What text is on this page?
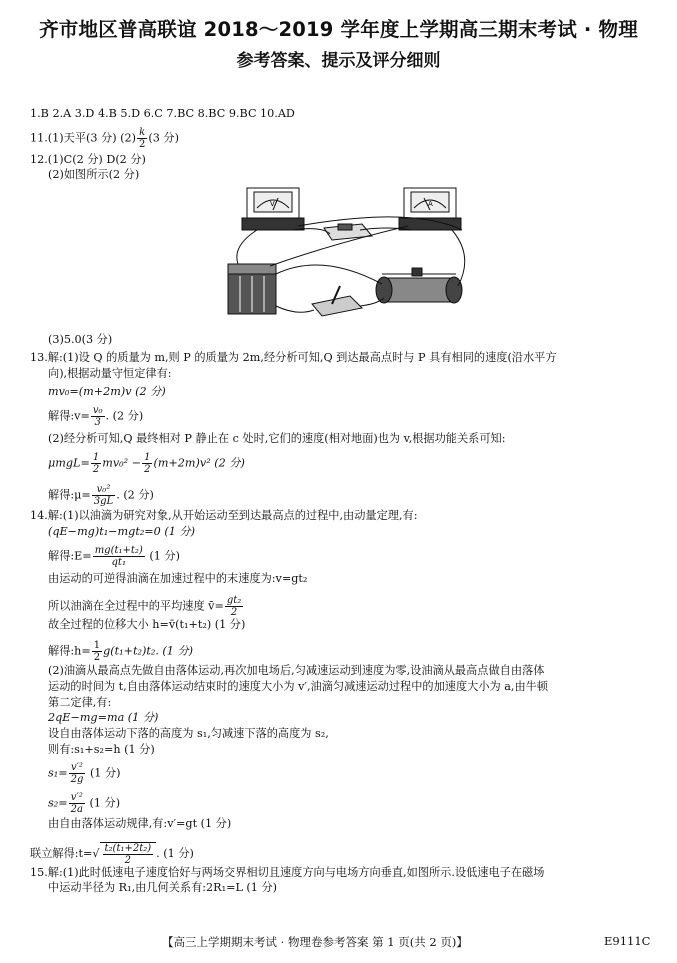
齐市地区普高联谊 2018～2019 学年度上学期高三期末考试 · 物理
参考答案、提示及评分细则
1.B 2.A 3.D 4.B 5.D 6.C 7.BC 8.BC 9.BC 10.AD
11.(1)天平(3 分) $(2) \frac{k}{2} (3$ 分)
12.(1)C(2 分) D(2 分)
(2)如图所示(2 分)
V	A
(3)5.0(3 分)
13.解:(1)设 Q 的质量为 m,则 P 的质量为 2m,经分析可知,Q 到达最高点时与 P 具有相同的速度(沿水平方
向),根据动量守恒定律有:
mv₀=(m+2m)v (2 分)
解得:v= $\frac{\text{v₀}}{3}$ . (2 分)
(2)经分析可知,Q 最终相对 P 静止在 c 处时,它们的速度(相对地面)也为 v,根据功能关系可知:
$\mu mgL= \frac{1}{2} mv_0^2 - \frac{1}{2} (m+2m)v^2$ (2 分)
解得:μ= $\frac{\text{v₀²}}{3gL}$ . (2 分)
14.解:(1)以油滴为研究对象,从开始运动至到达最高点的过程中,由动量定理,有:
(qE−mg)t₁−mgt₂=0 (1 分)
解得:E= $\frac{\text{mg(t₁+t₂)}}{\text{qt₁}} (1$ 分)
由运动的可逆得油滴在加速过程中的末速度为:v=gt₂
所以油滴在全过程中的平均速度 v̄= $\frac{\text{gt₂}}{2}$
故全过程的位移大小 h=v̄(t₁+t₂) (1 分)
解得:h= $\frac{1}{2} g(t_1+t_2)t_2$. (1 分)
(2)油滴从最高点先做自由落体运动,再次加电场后,匀减速运动到速度为零,设油滴从最高点做自由落体
运动的时间为 t,自由落体运动结束时的速度大小为 v′,油滴匀减速运动过程中的加速度大小为 a,由牛顿
第二定律,有:
2qE−mg=ma (1 分)
设自由落体运动下落的高度为 s₁,匀减速下落的高度为 s₂,
则有:s₁+s₂=h (1 分)
$s_1= \frac{\text{v′²}}{2g} (1$ 分)
$s_2= \frac{\text{v′²}}{2a} (1$ 分)
由自由落体运动规律,有:v′=gt (1 分)
联立解得:t=√ $\frac{\text{t₂(t₁+2t₂)}}{2}$ . (1 分)
15.解:(1)此时低速电子速度恰好与两场交界相切且速度方向与电场方向垂直,如图所示.设低速电子在磁场
中运动半径为 R₁,由几何关系有:2R₁=L (1 分)
【高三上学期期末考试 · 物理卷参考答案 第 1 页(共 2 页)】	E9111C
